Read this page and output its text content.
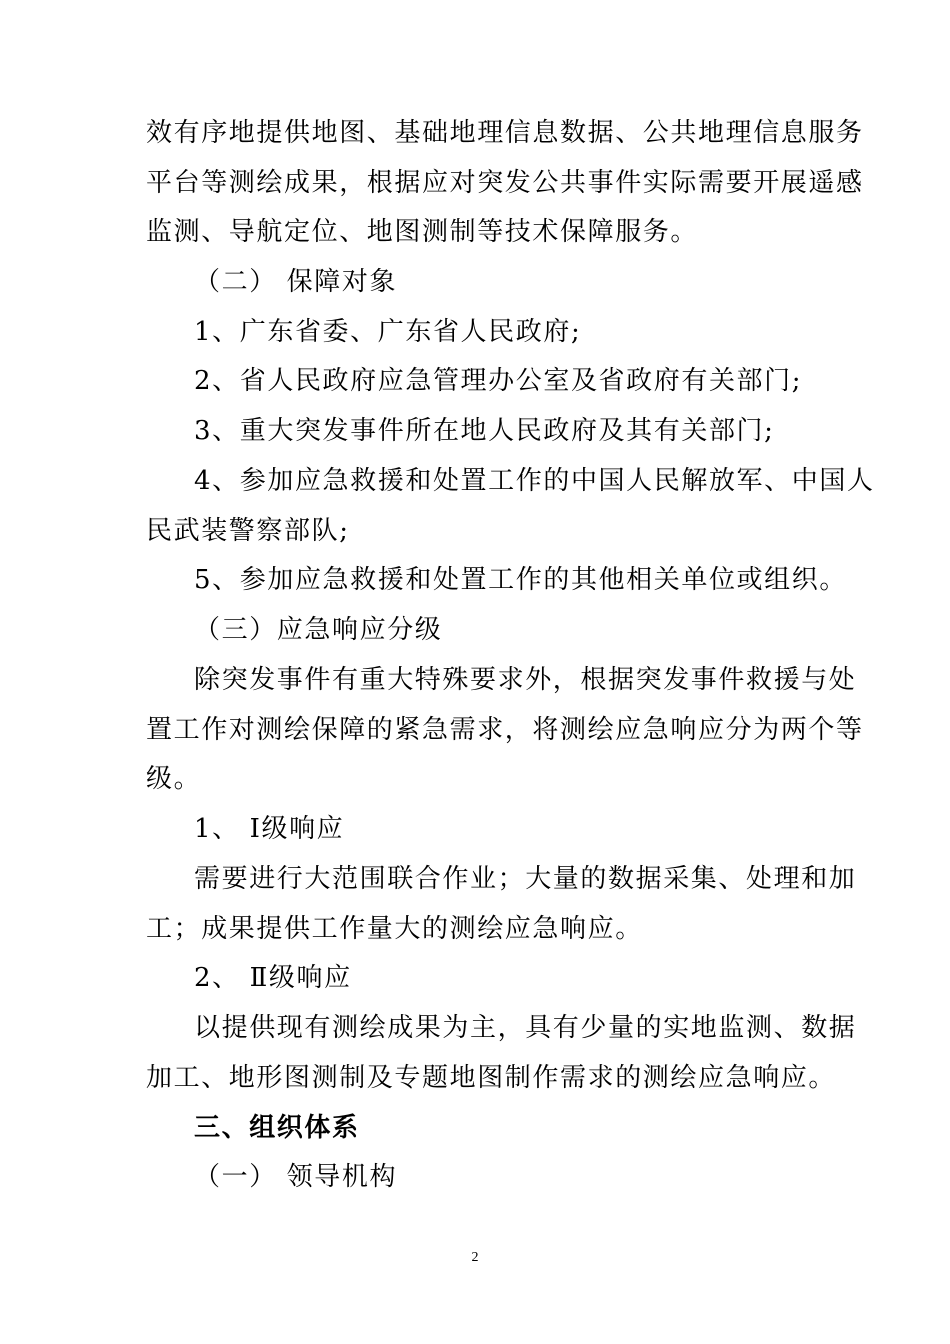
效有序地提供地图、基础地理信息数据、公共地理信息服务
平台等测绘成果，根据应对突发公共事件实际需要开展遥感
监测、导航定位、地图测制等技术保障服务。
（二） 保障对象
1、广东省委、广东省人民政府;
2、省人民政府应急管理办公室及省政府有关部门;
3、重大突发事件所在地人民政府及其有关部门;
4、参加应急救援和处置工作的中国人民解放军、中国人
民武装警察部队;
5、参加应急救援和处置工作的其他相关单位或组织。
（三）应急响应分级
除突发事件有重大特殊要求外，根据突发事件救援与处
置工作对测绘保障的紧急需求，将测绘应急响应分为两个等
级。
1、 Ⅰ级响应
需要进行大范围联合作业；大量的数据采集、处理和加
工；成果提供工作量大的测绘应急响应。
2、 Ⅱ级响应
以提供现有测绘成果为主，具有少量的实地监测、数据
加工、地形图测制及专题地图制作需求的测绘应急响应。
三、组织体系
（一） 领导机构
2
